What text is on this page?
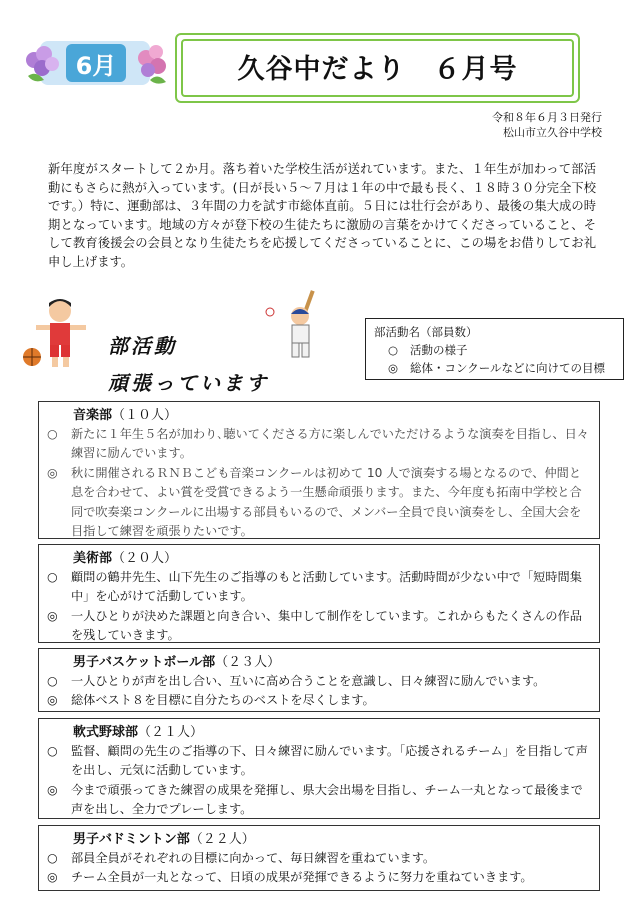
6月	久谷中だより　６月号
令和８年６月３日発行
松山市立久谷中学校

新年度がスタートして２か月。落ち着いた学校生活が送れています。また、１年生が加わって部活動にもさらに熱が入っています。(日が長い５～７月は１年の中で最も長く、１８時３０分完全下校です。）特に、運動部は、３年間の力を試す市総体直前。５日には壮行会があり、最後の集大成の時期となっています。地域の方々が登下校の生徒たちに激励の言葉をかけてくださっていること、そして教育後援会の会員となり生徒たちを応援してくださっていることに、この場をお借りしてお礼申し上げます。

部活動
頑張っています
部活動名（部員数）
○ 活動の様子
◎ 総体・コンクールなどに向けての目標
音楽部（１０人）
○	新たに１年生５名が加わり､聴いてくださる方に楽しんでいただけるような演奏を目指し、日々練習に励んでいます。
◎	秋に開催されるＲＮＢこども音楽コンクールは初めて 10 人で演奏する場となるので、仲間と息を合わせて、よい賞を受賞できるよう一生懸命頑張ります。また、今年度も拓南中学校と合同で吹奏楽コンクールに出場する部員もいるので、メンバー全員で良い演奏をし、全国大会を目指して練習を頑張りたいです。
美術部（２０人）
○	顧問の鶴井先生、山下先生のご指導のもと活動しています。活動時間が少ない中で「短時間集中」を心がけて活動しています。
◎	一人ひとりが決めた課題と向き合い、集中して制作をしています。これからもたくさんの作品を残していきます。
男子バスケットボール部（２３人）
○	一人ひとりが声を出し合い、互いに高め合うことを意識し、日々練習に励んでいます。
◎	総体ベスト８を目標に自分たちのベストを尽くします。
軟式野球部（２１人）
○	監督、顧問の先生のご指導の下、日々練習に励んでいます。「応援されるチーム」を目指して声を出し、元気に活動しています。
◎	今まで頑張ってきた練習の成果を発揮し、県大会出場を目指し、チーム一丸となって最後まで声を出し、全力でプレーします。
男子バドミントン部（２２人）
○	部員全員がそれぞれの目標に向かって、毎日練習を重ねています。
◎	チーム全員が一丸となって、日頃の成果が発揮できるように努力を重ねていきます。
